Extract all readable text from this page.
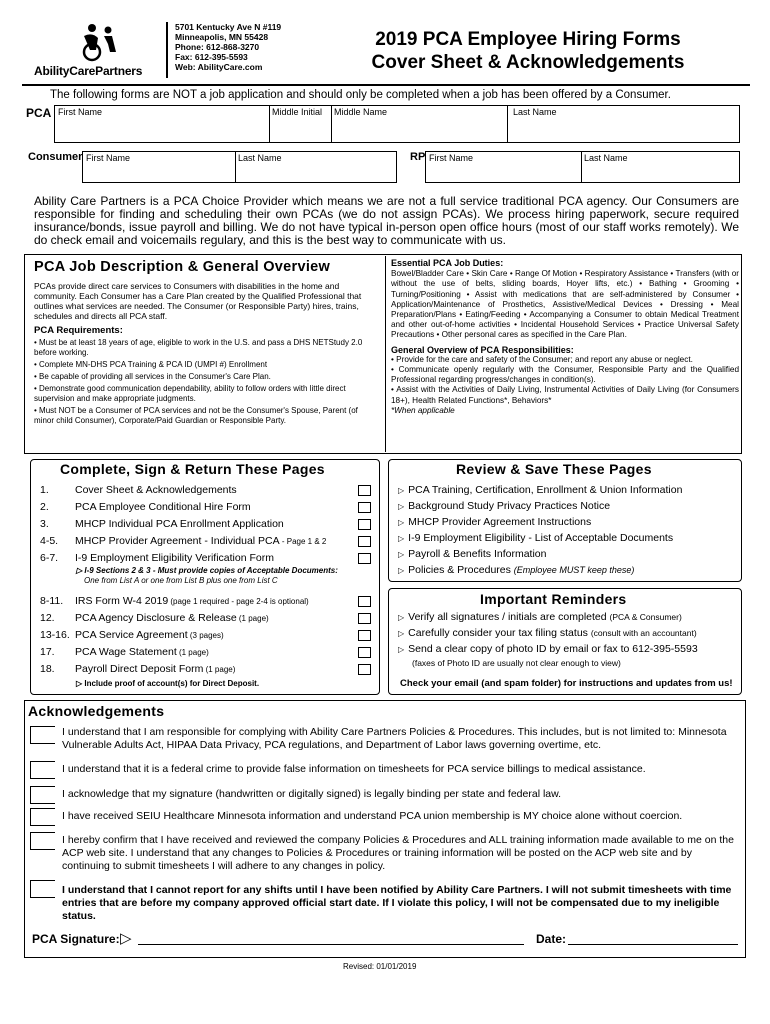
AbilityCarePartners
5701 Kentucky Ave N #119
Minneapolis, MN 55428
Phone: 612-868-3270
Fax: 612-395-5593
Web: AbilityCare.com
2019 PCA Employee Hiring Forms
Cover Sheet & Acknowledgements
The following forms are NOT a job application and should only be completed when a job has been offered by a Consumer.
PCA First Name	Middle Initial Middle Name	Last Name
Consumer First Name	Last Name	RP First Name	Last Name
Ability Care Partners is a PCA Choice Provider which means we are not a full service traditional PCA agency. Our Consumers are responsible for finding and scheduling their own PCAs (we do not assign PCAs). We process hiring paperwork, secure required insurance/bonds, issue payroll and billing. We do not have typical in-person open office hours (most of our staff works remotely). We do check email and voicemails regulary, and this is the best way to communicate with us.
PCA Job Description & General Overview

PCAs provide direct care services to Consumers with disabilities in the home and community. Each Consumer has a Care Plan created by the Qualified Professional that outlines what services are needed. The Consumer (or Responsible Party) hires, trains, schedules and directs all PCA staff.

PCA Requirements:

• Must be at least 18 years of age, eligible to work in the U.S. and pass a DHS NETStudy 2.0 before working.

• Complete MN-DHS PCA Training & PCA ID (UMPI #) Enrollment

• Be capable of providing all services in the Consumer's Care Plan.

• Demonstrate good communication dependability, ability to follow orders with little direct supervision and make appropriate judgments.

• Must NOT be a Consumer of PCA services and not be the Consumer's Spouse, Parent (of minor child Consumer), Corporate/Paid Guardian or Responsible Party.

Essential PCA Job Duties:

Bowel/Bladder Care • Skin Care • Range Of Motion • Respiratory Assistance • Transfers (with or without the use of belts, sliding boards, Hoyer lifts, etc.) • Bathing • Grooming • Turning/Positioning • Assist with medications that are self-administered by Consumer • Application/Maintenance of Prosthetics, Assistive/Medical Devices • Dressing • Meal Preparation/Plans • Eating/Feeding • Accompanying a Consumer to obtain Medical Treatment and other out-of-home activities • Incidental Household Services • Practice Universal Safety Precautions • Other personal cares as specified in the Care Plan.

General Overview of PCA Responsibilities:

• Provide for the care and safety of the Consumer; and report any abuse or neglect.

• Communicate openly regularly with the Consumer, Responsible Party and the Qualified Professional regarding progress/changes in condition(s).

• Assist with the Activities of Daily Living, Instrumental Activities of Daily Living (for Consumers 18+), Health Related Functions*, Behaviors*

*When applicable

Complete, Sign & Return These Pages
1. Cover Sheet & Acknowledgements
2. PCA Employee Conditional Hire Form
3. MHCP Individual PCA Enrollment Application
4-5. MHCP Provider Agreement - Individual PCA - Page 1 & 2
6-7. I-9 Employment Eligibility Verification Form
▷ I-9 Sections 2 & 3 - Must provide copies of Acceptable Documents:
One from List A or one from List B plus one from List C
8-11. IRS Form W-4 2019 (page 1 required - page 2-4 is optional)
12. PCA Agency Disclosure & Release (1 page)
13-16. PCA Service Agreement (3 pages)
17. PCA Wage Statement (1 page)
18. Payroll Direct Deposit Form (1 page)
▷ Include proof of account(s) for Direct Deposit.
Review & Save These Pages
▷ PCA Training, Certification, Enrollment & Union Information
▷ Background Study Privacy Practices Notice
▷ MHCP Provider Agreement Instructions
▷ I-9 Employment Eligibility - List of Acceptable Documents
▷ Payroll & Benefits Information
▷ Policies & Procedures (Employee MUST keep these)
Important Reminders
▷ Verify all signatures / initials are completed (PCA & Consumer)
▷ Carefully consider your tax filing status (consult with an accountant)
▷ Send a clear copy of photo ID by email or fax to 612-395-5593
(faxes of Photo ID are usually not clear enough to view)
Check your email (and spam folder) for instructions and updates from us!
Acknowledgements
I understand that I am responsible for complying with Ability Care Partners Policies & Procedures. This includes, but is not limited to: Minnesota Vulnerable Adults Act, HIPAA Data Privacy, PCA regulations, and Department of Labor laws governing overtime, etc.
I understand that it is a federal crime to provide false information on timesheets for PCA service billings to medical assistance.
I acknowledge that my signature (handwritten or digitally signed) is legally binding per state and federal law.
I have received SEIU Healthcare Minnesota information and understand PCA union membership is MY choice alone without coercion.
I hereby confirm that I have received and reviewed the company Policies & Procedures and ALL training information made available to me on the ACP web site. I understand that any changes to Policies & Procedures or training information will be posted on the ACP web site and by continuing to submit timesheets I will adhere to any changes in policy.
I understand that I cannot report for any shifts until I have been notified by Ability Care Partners. I will not submit timesheets with time entries that are before my company approved official start date. If I violate this policy, I will not be compensated due to my ineligible status.
PCA Signature: ▷	Date:
Revised: 01/01/2019
